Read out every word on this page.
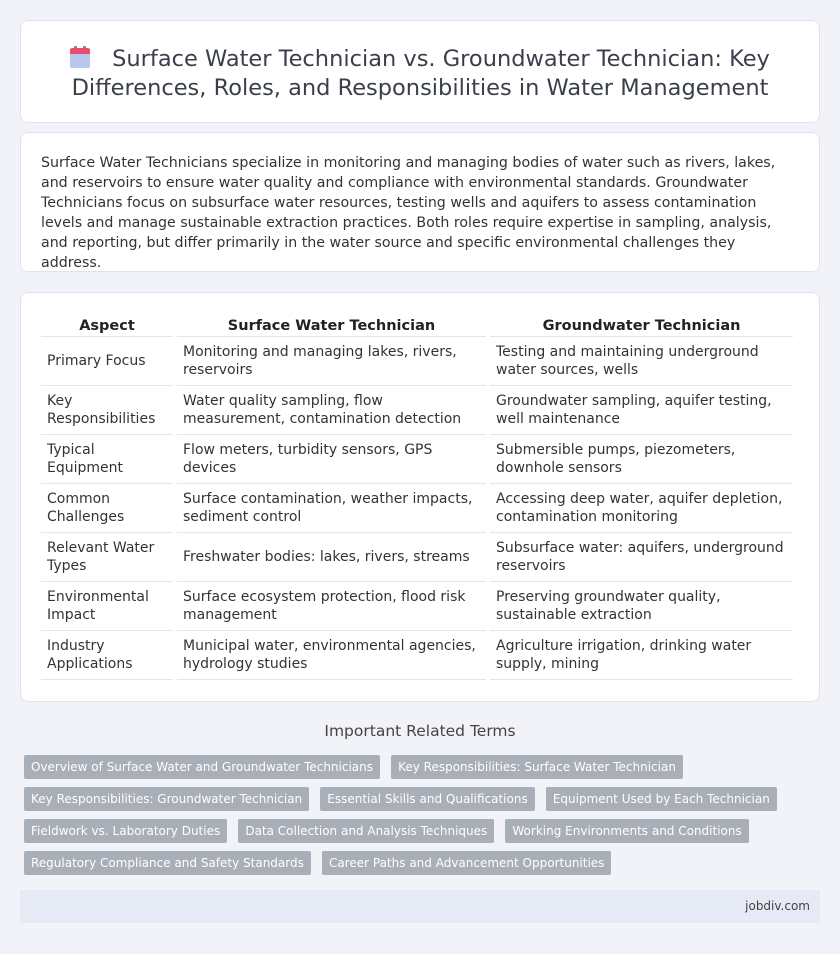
Surface Water Technician vs. Groundwater Technician: Key Differences, Roles, and Responsibilities in Water Management

Surface Water Technicians specialize in monitoring and managing bodies of water such as rivers, lakes, and reservoirs to ensure water quality and compliance with environmental standards. Groundwater Technicians focus on subsurface water resources, testing wells and aquifers to assess contamination levels and manage sustainable extraction practices. Both roles require expertise in sampling, analysis, and reporting, but differ primarily in the water source and specific environmental challenges they address.

Aspect	Surface Water Technician	Groundwater Technician
Primary Focus	Monitoring and managing lakes, rivers, reservoirs	Testing and maintaining underground water sources, wells
Key Responsibilities	Water quality sampling, flow measurement, contamination detection	Groundwater sampling, aquifer testing, well maintenance
Typical Equipment	Flow meters, turbidity sensors, GPS devices	Submersible pumps, piezometers, downhole sensors
Common Challenges	Surface contamination, weather impacts, sediment control	Accessing deep water, aquifer depletion, contamination monitoring
Relevant Water Types	Freshwater bodies: lakes, rivers, streams	Subsurface water: aquifers, underground reservoirs
Environmental Impact	Surface ecosystem protection, flood risk management	Preserving groundwater quality, sustainable extraction
Industry Applications	Municipal water, environmental agencies, hydrology studies	Agriculture irrigation, drinking water supply, mining
Important Related Terms
Overview of Surface Water and Groundwater Technicians Key Responsibilities: Surface Water Technician Key Responsibilities: Groundwater Technician Essential Skills and Qualifications Equipment Used by Each Technician Fieldwork vs. Laboratory Duties Data Collection and Analysis Techniques Working Environments and Conditions Regulatory Compliance and Safety Standards Career Paths and Advancement Opportunities
jobdiv.com
